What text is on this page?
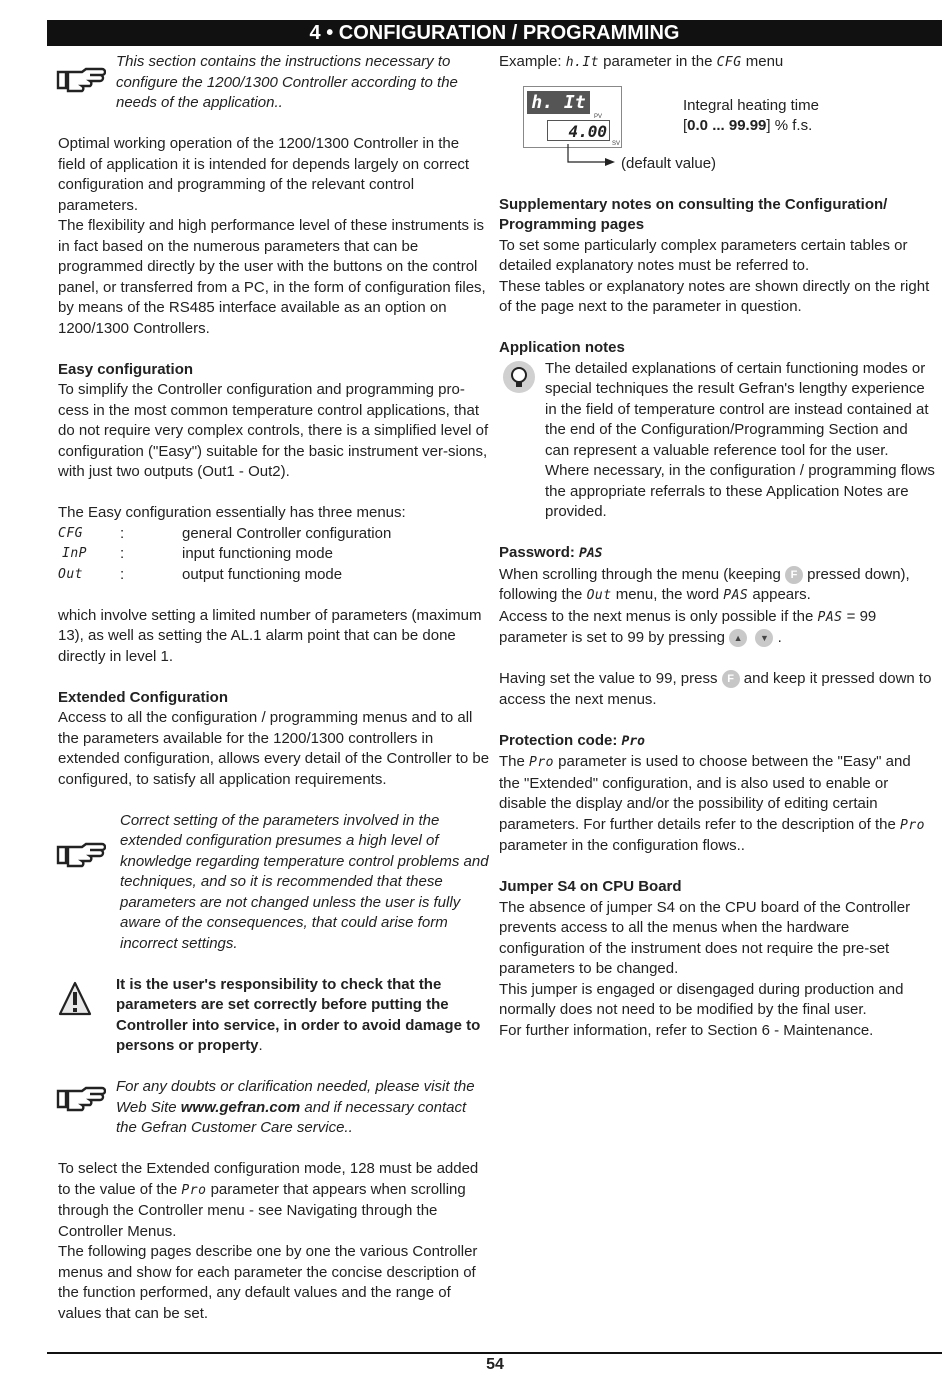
4 • CONFIGURATION / PROGRAMMING

This section contains the instructions necessary to configure the 1200/1300 Controller according to the needs of the application..

Optimal working operation of the 1200/1300 Controller in the field of application it is intended for depends largely on correct configuration and programming of the relevant control parameters.

The flexibility and high performance level of these instruments is in fact based on the numerous parameters that can be programmed directly by the user with the buttons on the control panel, or transferred from a PC, in the form of configuration files, by means of the RS485 interface available as an option on 1200/1300 Controllers.

Easy configuration

To simplify the Controller configuration and programming pro-cess in the most common temperature control applications, that do not require very complex controls, there is a simplified level of configuration ("Easy") suitable for the basic instrument ver-sions, with just two outputs (Out1 - Out2).

The Easy configuration essentially has three menus:

CFG	:	general Controller configuration
InP	:	input functioning mode
Out	:	output functioning mode

which involve setting a limited number of parameters (maximum 13), as well as setting the AL.1 alarm point that can be done directly in level 1.

Extended Configuration

Access to all the configuration / programming menus and to all the parameters available for the 1200/1300 controllers in extended configuration, allows every detail of the Controller to be configured, to satisfy all application requirements.

Correct setting of the parameters involved in the extended configuration presumes a high level of knowledge regarding temperature control problems and techniques, and so it is recommended that these parameters are not changed unless the user is fully aware of the consequences, that could arise form incorrect settings.

It is the user's responsibility to check that the parameters are set correctly before putting the Controller into service, in order to avoid damage to persons or property.

For any doubts or clarification needed, please visit the Web Site www.gefran.com and if necessary contact the Gefran Customer Care service..

To select the Extended configuration mode, 128 must be added to the value of the Pro parameter that appears when scrolling through the Controller menu - see Navigating through the Controller Menus.

The following pages describe one by one the various Controller menus and show for each parameter the concise description of the function performed, any default values and the range of values that can be set.

Example: h.It parameter in the CFG menu

h. It
PV
4.00
SV

Integral heating time

[0.0 ... 99.99] % f.s.

(default value)

Supplementary notes on consulting the Configuration/ Programming pages

To set some particularly complex parameters certain tables or detailed explanatory notes must be referred to.

These tables or explanatory notes are shown directly on the right of the page next to the parameter in question.

Application notes

The detailed explanations of certain functioning modes or special techniques the result Gefran's lengthy experience in the field of temperature control are instead contained at the end of the Configuration/Programming Section and can represent a valuable reference tool for the user.

Where necessary, in the configuration / programming flows the appropriate referrals to these Application Notes are provided.

Password: PAS

When scrolling through the menu (keeping F pressed down), following the Out menu, the word PAS appears.

Access to the next menus is only possible if the PAS = 99 parameter is set to 99 by pressing ▲ ▼ .

Having set the value to 99, press F and keep it pressed down to access the next menus.

Protection code: Pro

The Pro parameter is used to choose between the "Easy" and the "Extended" configuration, and is also used to enable or disable the display and/or the possibility of editing certain parameters. For further details refer to the description of the Pro parameter in the configuration flows..

Jumper S4 on CPU Board

The absence of jumper S4 on the CPU board of the Controller prevents access to all the menus when the hardware configuration of the instrument does not require the pre-set parameters to be changed.

This jumper is engaged or disengaged during production and normally does not need to be modified by the final user.

For further information, refer to Section 6 - Maintenance.

54
